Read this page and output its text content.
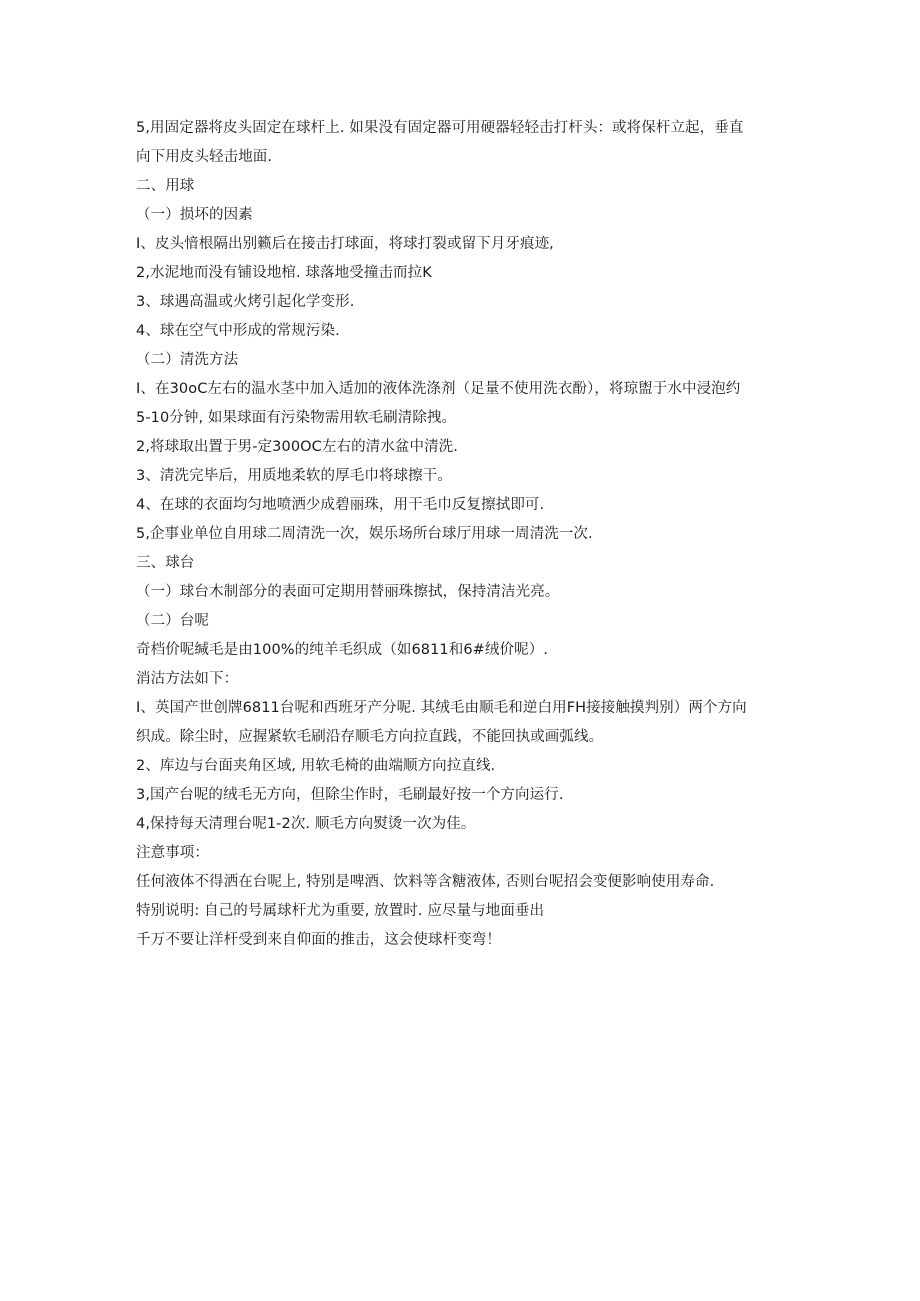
5,用固定器将皮头固定在球杆上. 如果没有固定器可用硬器轻轻击打杆头：或将保杆立起，垂直
向下用皮头轻击地面.
二、用球
（一）损坏的因素
I、皮头愔根隔出别籁后在接击打球面，将球打裂或留下月牙痕迹,
2,水泥地而没有铺设地棺. 球落地受撞击而拉K
3、球遇高温或火烤引起化学变形.
4、球在空气中形成的常规污染.
（二）清洗方法
I、在30oC左右的温水茎中加入适加的液体洗涤剂（足量不使用洗衣酚），将琼盥于水中浸泡约
5-10分钟, 如果球面有污染物需用软毛刷清除拽。
2,将球取出置于男-定300OC左右的清水盆中清洗.
3、清洗完毕后，用质地柔软的厚毛巾将球擦干。
4、在球的衣面均匀地喷洒少成碧丽珠，用干毛巾反复擦拭即可.
5,企事业单位自用球二周清洗一次，娱乐场所台球厅用球一周清洗一次.
三、球台
（一）球台木制部分的表面可定期用替丽珠擦拭，保持清洁光亮。
（二）台呢
奇档价呢缄毛是由100%的纯羊毛织成（如6811和6#绒价呢）.
消沽方法如下：
I、英国产世创牌6811台呢和西班牙产分呢. 其绒毛由顺毛和逆白用FH接接触摸判别）两个方向
织成。除尘时，应握紧软毛刷沿存顺毛方向拉直践，不能回执或画弧线。
2、库边与台面夹角区域, 用软毛椅的曲端顺方向拉直线.
3,国产台呢的绒毛无方向，但除尘作时，毛刷最好按一个方向运行.
4,保持每天清理台呢1-2次. 顺毛方向熨烫一次为佳。
注意事项：
任何液体不得洒在台呢上, 特别是啤酒、饮料等含糖液体, 否则台呢招会变便影响使用寿命.
特别说明: 自己的号属球杆尤为重要, 放置时. 应尽量与地面垂出
千万不要让洋杆受到来自仰面的推击，这会使球杆变弯！
